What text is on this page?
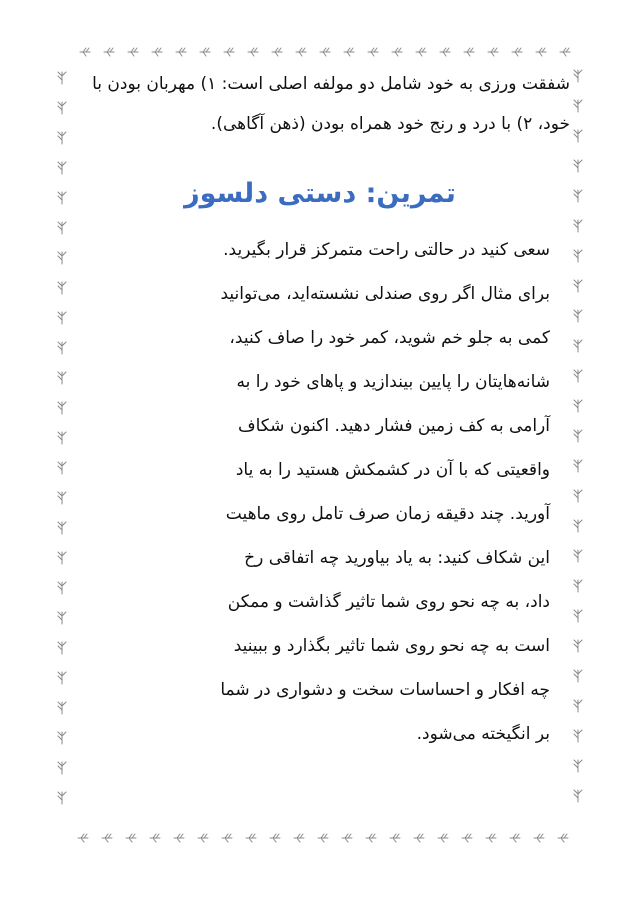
شفقت ورزی به خود شامل دو مولفه اصلی است: ۱) مهربان بودن با
خود، ۲) با درد و رنج خود همراه بودن (ذهن آگاهی).
تمرین: دستی دلسوز
سعی کنید در حالتی راحت متمرکز قرار بگیرید.
برای مثال اگر روی صندلی نشسته‌اید، می‌توانید
کمی به جلو خم شوید، کمر خود را صاف کنید،
شانه‌هایتان را پایین بیندازید و پاهای خود را به
آرامی به کف زمین فشار دهید. اکنون شکاف
واقعیتی که با آن در کشمکش هستید را به یاد
آورید. چند دقیقه زمان صرف تامل روی ماهیت
این شکاف کنید: به یاد بیاورید چه اتفاقی رخ
داد، به چه نحو روی شما تاثیر گذاشت و ممکن
است به چه نحو روی شما تاثیر بگذارد و ببینید
چه افکار و احساسات سخت و دشواری در شما
بر انگیخته می‌شود.
